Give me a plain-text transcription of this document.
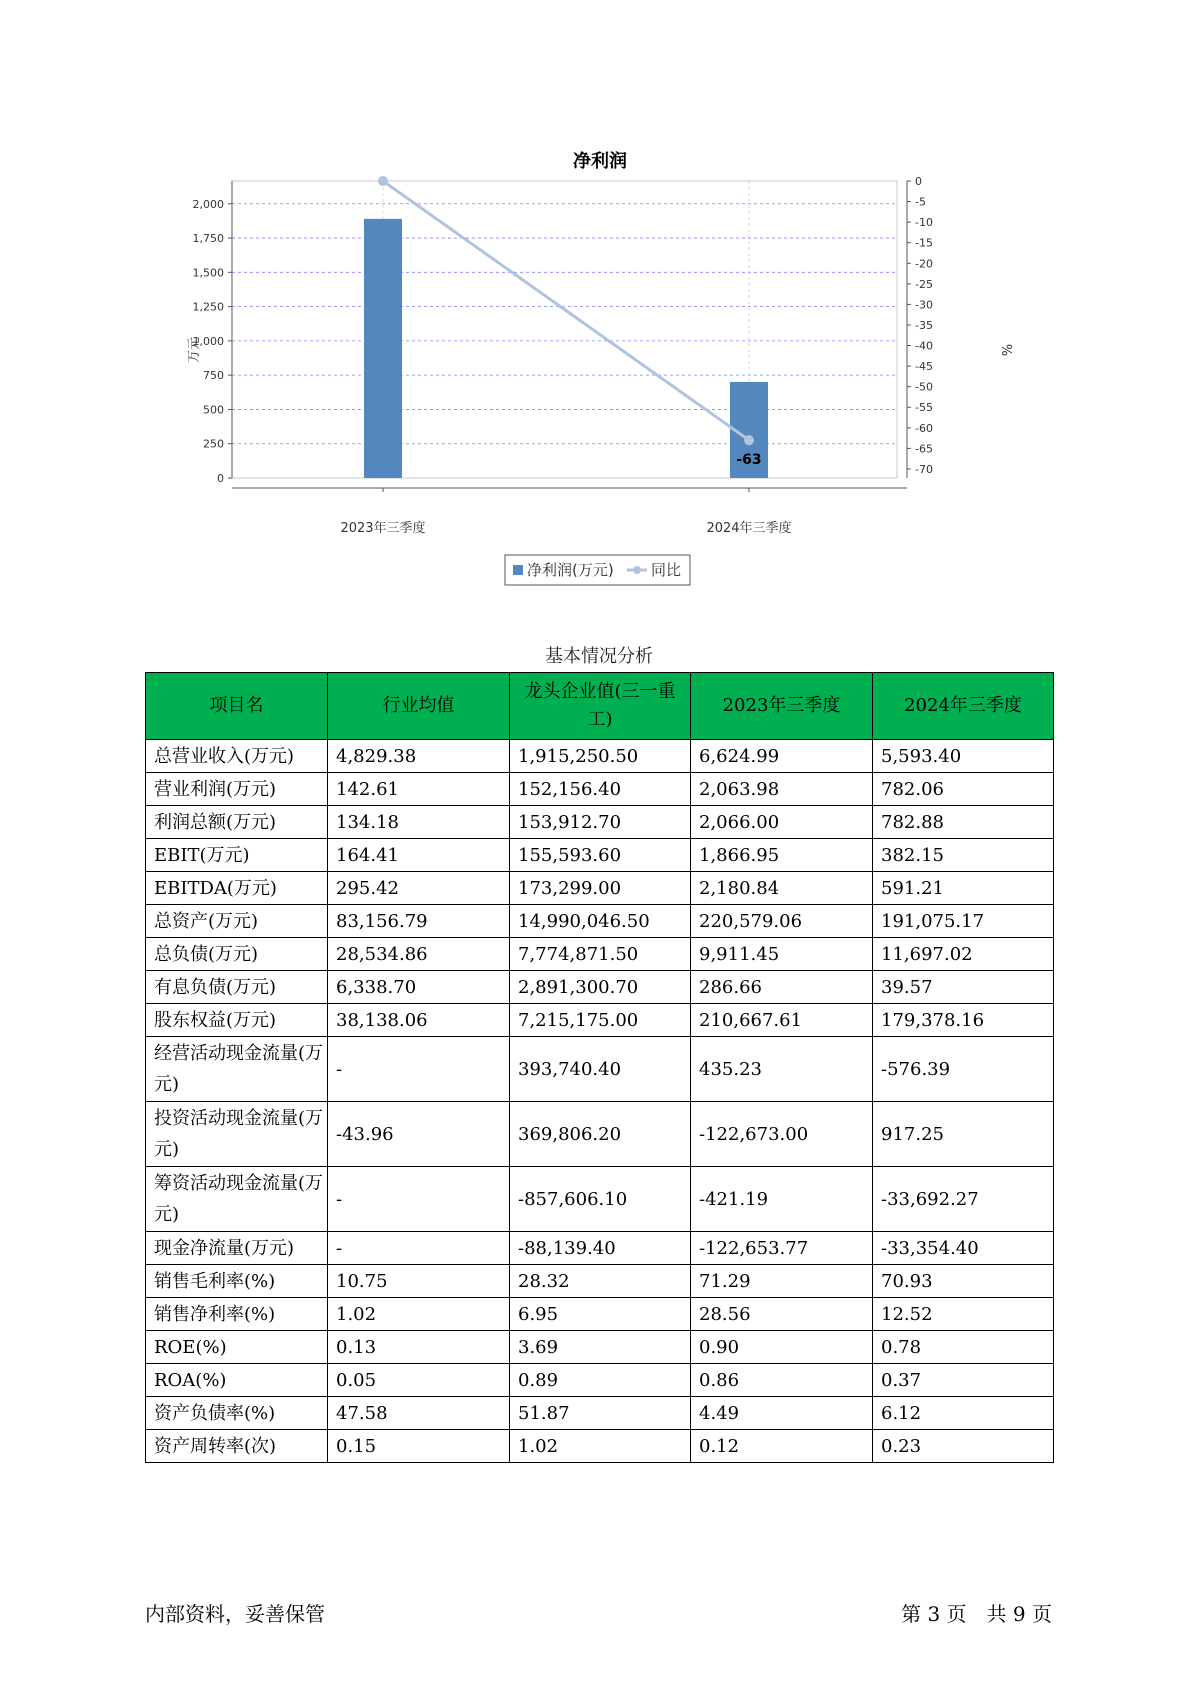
净利润
0
250
500
750
1,000
1,250
1,500
1,750
2,000
0
-5
-10
-15
-20
-25
-30
-35
-40
-45
-50
-55
-60
-65
-70
-63
2023年三季度	2024年三季度
万元	%
净利润(万元) 同比
基本情况分析
项目名	行业均值	龙头企业值(三一重工)	2023年三季度	2024年三季度
总营业收入(万元)	4,829.38	1,915,250.50	6,624.99	5,593.40
营业利润(万元)	142.61	152,156.40	2,063.98	782.06
利润总额(万元)	134.18	153,912.70	2,066.00	782.88
EBIT(万元)	164.41	155,593.60	1,866.95	382.15
EBITDA(万元)	295.42	173,299.00	2,180.84	591.21
总资产(万元)	83,156.79	14,990,046.50	220,579.06	191,075.17
总负债(万元)	28,534.86	7,774,871.50	9,911.45	11,697.02
有息负债(万元)	6,338.70	2,891,300.70	286.66	39.57
股东权益(万元)	38,138.06	7,215,175.00	210,667.61	179,378.16
经营活动现金流量(万元)	-	393,740.40	435.23	-576.39
投资活动现金流量(万元)	-43.96	369,806.20	-122,673.00	917.25
筹资活动现金流量(万元)	-	-857,606.10	-421.19	-33,692.27
现金净流量(万元)	-	-88,139.40	-122,653.77	-33,354.40
销售毛利率(%)	10.75	28.32	71.29	70.93
销售净利率(%)	1.02	6.95	28.56	12.52
ROE(%)	0.13	3.69	0.90	0.78
ROA(%)	0.05	0.89	0.86	0.37
资产负债率(%)	47.58	51.87	4.49	6.12
资产周转率(次)	0.15	1.02	0.12	0.23
内部资料，妥善保管	第 3 页　共 9 页
